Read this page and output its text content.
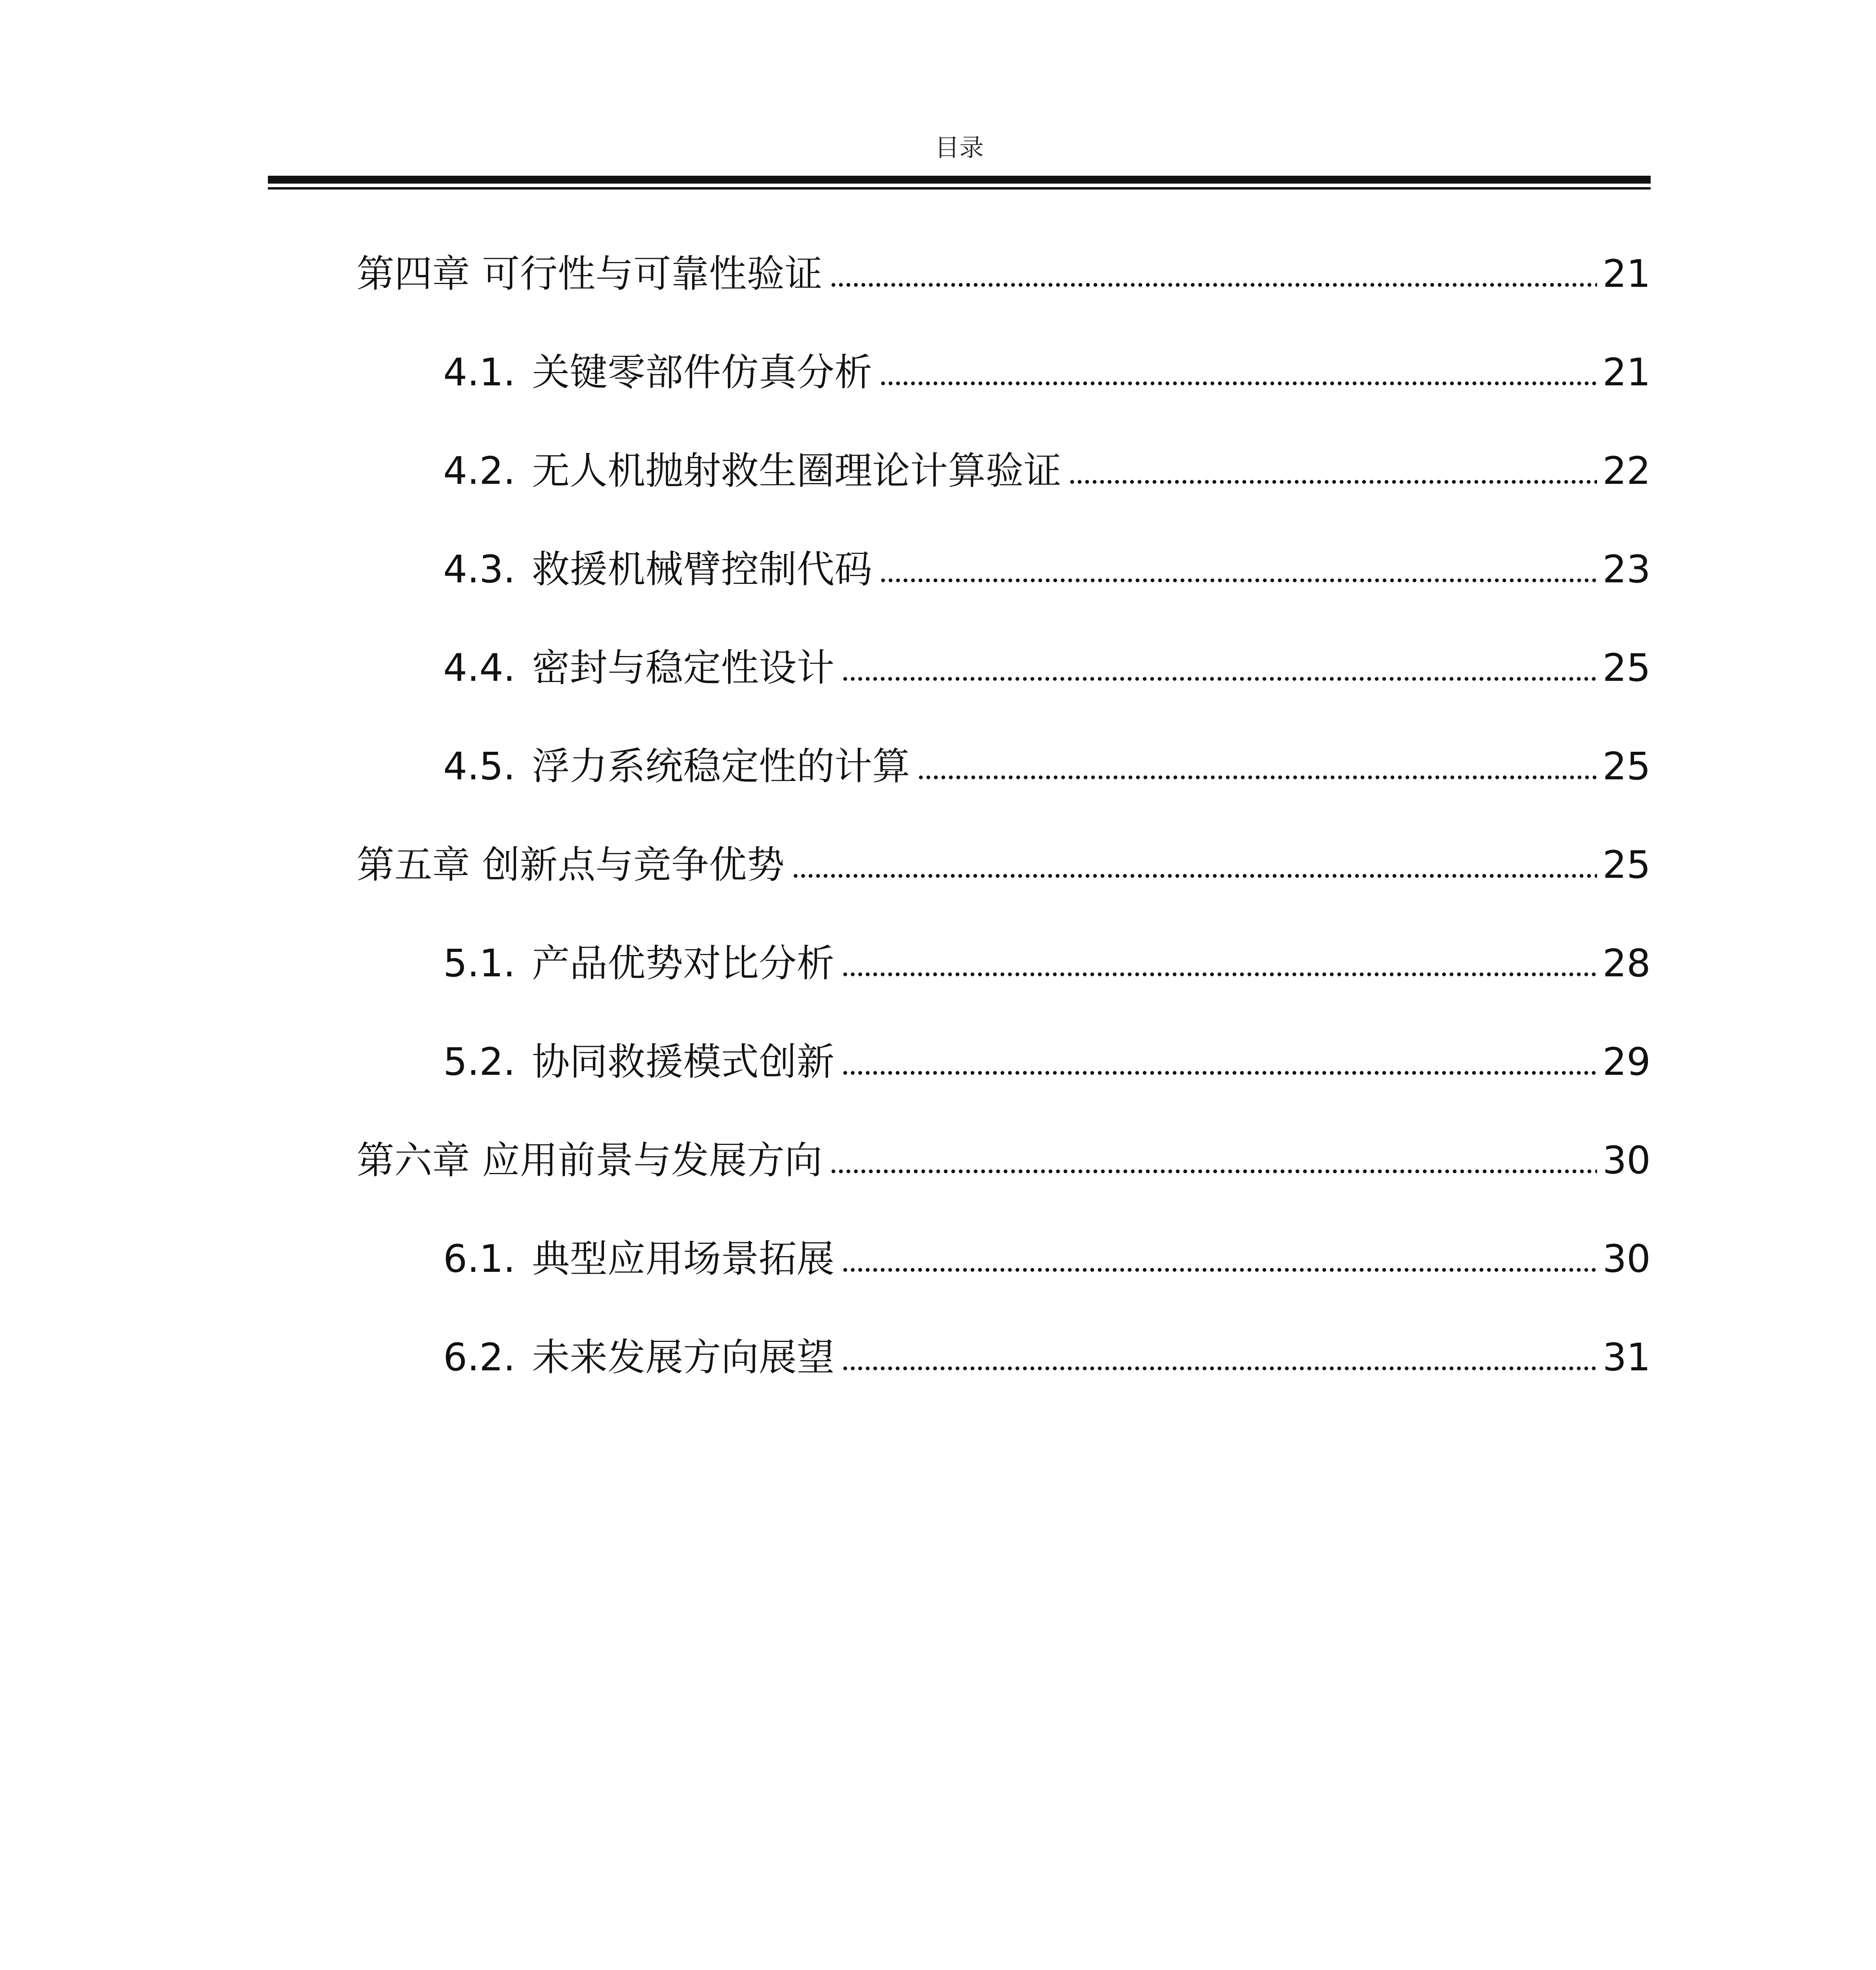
目录
第四章 可行性与可靠性验证	21
4.1. 关键零部件仿真分析	21
4.2. 无人机抛射救生圈理论计算验证	22
4.3. 救援机械臂控制代码	23
4.4. 密封与稳定性设计	25
4.5. 浮力系统稳定性的计算	25
第五章 创新点与竞争优势	25
5.1. 产品优势对比分析	28
5.2. 协同救援模式创新	29
第六章 应用前景与发展方向	30
6.1. 典型应用场景拓展	30
6.2. 未来发展方向展望	31
